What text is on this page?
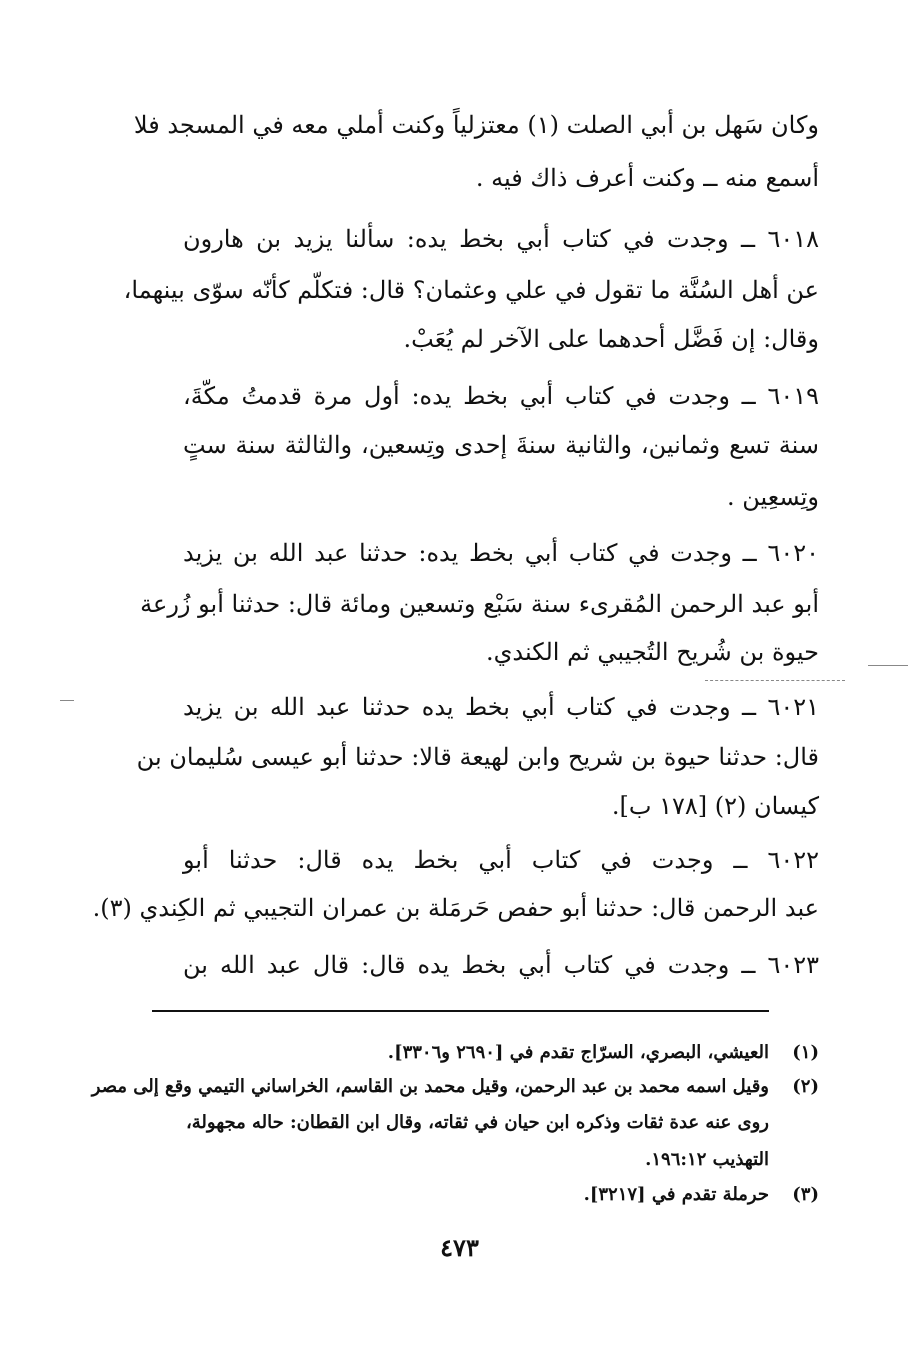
وكان سَهل بن أبي الصلت (١) معتزلياً وكنت أملي معه في المسجد فلا
أسمع منه ــ وكنت أعرف ذاك فيه .
٦٠١٨ ــ وجدت في كتاب أبي بخط يده: سألنا يزيد بن هارون
عن أهل السُنَّة ما تقول في علي وعثمان؟ قال: فتكلّم كأنّه سوّى بينهما،
وقال: إن فَضَّل أحدهما على الآخر لم يُعَبْ.
٦٠١٩ ــ وجدت في كتاب أبي بخط يده: أول مرة قدمتُ مكّةَ،
سنة تسع وثمانين، والثانية سنةَ إحدى وتِسعين، والثالثة سنة ستٍ
وتِسعِين .
٦٠٢٠ ــ وجدت في كتاب أبي بخط يده: حدثنا عبد الله بن يزيد
أبو عبد الرحمن المُقرىء سنة سَبْع وتسعين ومائة قال: حدثنا أبو زُرعة
حيوة بن شُريح التُجيبي ثم الكندي.
٦٠٢١ ــ وجدت في كتاب أبي بخط يده حدثنا عبد الله بن يزيد
قال: حدثنا حيوة بن شريح وابن لهيعة قالا: حدثنا أبو عيسى سُليمان بن
كيسان (٢) [١٧٨ ب].
٦٠٢٢ ــ وجدت في كتاب أبي بخط يده قال: حدثنا أبو
عبد الرحمن قال: حدثنا أبو حفص حَرمَلة بن عمران التجيبي ثم الكِندي (٣).
٦٠٢٣ ــ وجدت في كتاب أبي بخط يده قال: قال عبد الله بن
(١)العيشي، البصري، السرّاج تقدم في [٢٦٩٠ و٣٣٠٦].
(٢)وقيل اسمه محمد بن عبد الرحمن، وقيل محمد بن القاسم، الخراساني التيمي وقع إلى مصر
روى عنه عدة ثقات وذكره ابن حيان في ثقاته، وقال ابن القطان: حاله مجهولة،
التهذيب ١٩٦:١٢.
(٣)حرملة تقدم في [٣٢١٧].
٤٧٣
